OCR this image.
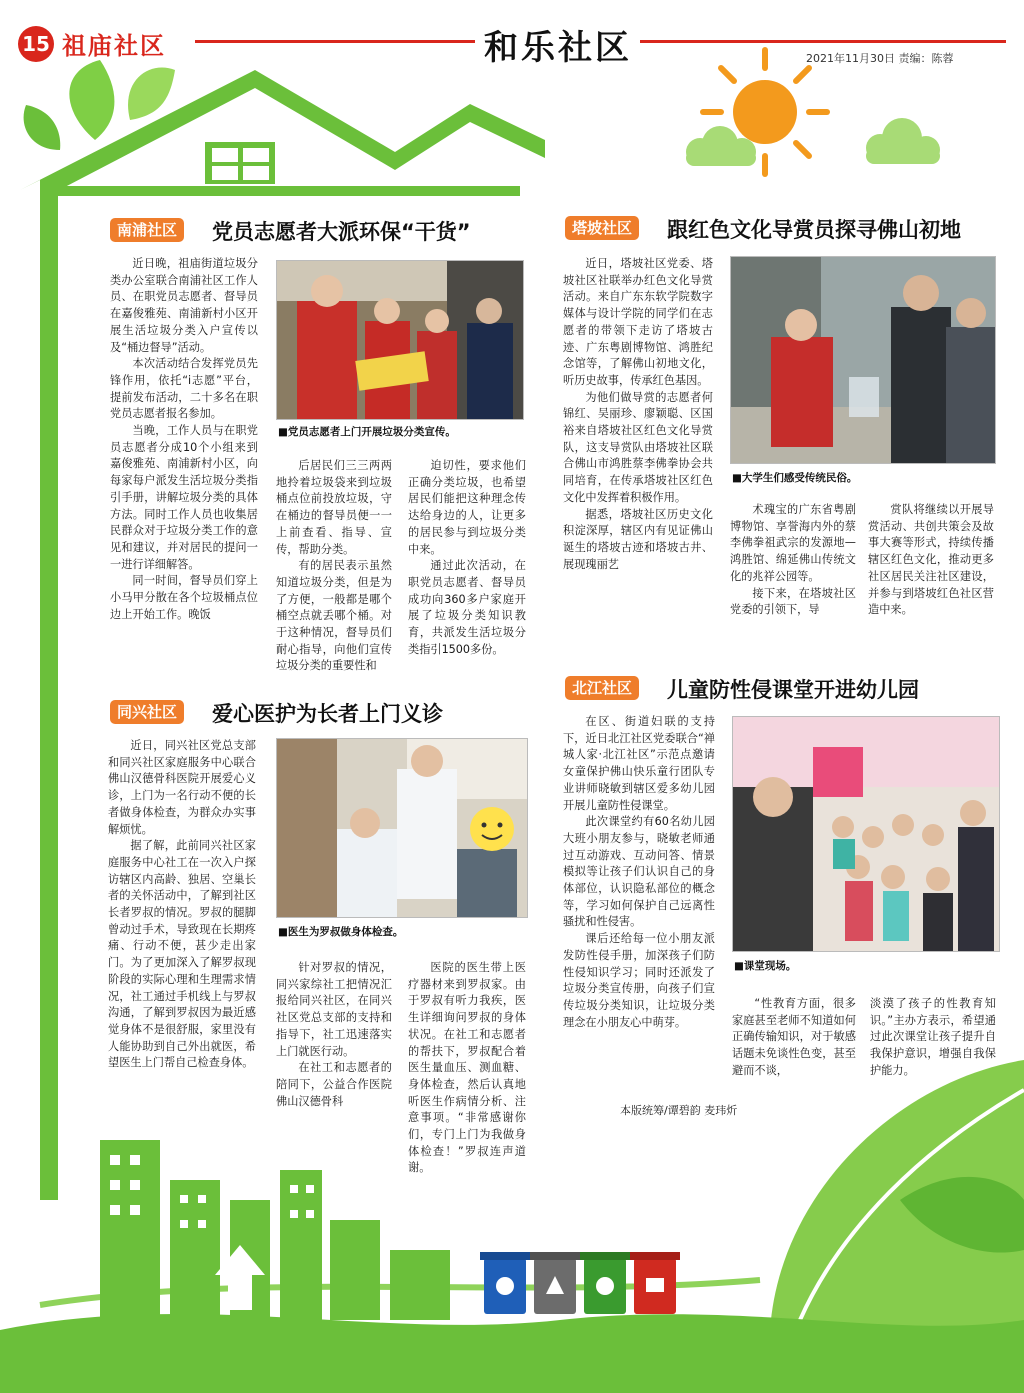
15 祖庙社区	和乐社区	2021年11月30日 责编：陈蓉
南浦社区	党员志愿者大派环保“干货”

近日晚，祖庙街道垃圾分类办公室联合南浦社区工作人员、在职党员志愿者、督导员在嘉俊雅苑、南浦新村小区开展生活垃圾分类入户宣传以及“桶边督导”活动。

本次活动结合发挥党员先锋作用，依托“i志愿”平台，提前发布活动，二十多名在职党员志愿者报名参加。

当晚，工作人员与在职党员志愿者分成10个小组来到嘉俊雅苑、南浦新村小区，向每家每户派发生活垃圾分类指引手册，讲解垃圾分类的具体方法。同时工作人员也收集居民群众对于垃圾分类工作的意见和建议，并对居民的提问一一进行详细解答。

同一时间，督导员们穿上小马甲分散在各个垃圾桶点位边上开始工作。晚饭

■党员志愿者上门开展垃圾分类宣传。

后居民们三三两两地拎着垃圾袋来到垃圾桶点位前投放垃圾，守在桶边的督导员便一一上前查看、指导、宣传，帮助分类。

有的居民表示虽然知道垃圾分类，但是为了方便，一般都是哪个桶空点就丢哪个桶。对于这种情况，督导员们耐心指导，向他们宣传垃圾分类的重要性和

迫切性，要求他们正确分类垃圾，也希望居民们能把这种理念传达给身边的人，让更多的居民参与到垃圾分类中来。

通过此次活动，在职党员志愿者、督导员成功向360多户家庭开展了垃圾分类知识教育，共派发生活垃圾分类指引1500多份。

塔坡社区	跟红色文化导赏员探寻佛山初地

近日，塔坡社区党委、塔坡社区社联举办红色文化导赏活动。来自广东东软学院数字媒体与设计学院的同学们在志愿者的带领下走访了塔坡古迹、广东粤剧博物馆、鸿胜纪念馆等，了解佛山初地文化，听历史故事，传承红色基因。

为他们做导赏的志愿者何锦红、吴丽珍、廖颖聪、区国裕来自塔坡社区红色文化导赏队，这支导赏队由塔坡社区联合佛山市鸿胜蔡李佛拳协会共同培育，在传承塔坡社区红色文化中发挥着积极作用。

据悉，塔坡社区历史文化积淀深厚，辖区内有见证佛山诞生的塔坡古迹和塔坡古井、展现瑰丽艺

■大学生们感受传统民俗。

术瑰宝的广东省粤剧博物馆、享誉海内外的蔡李佛拳祖武宗的发源地—鸿胜馆、绵延佛山传统文化的兆祥公园等。

接下来，在塔坡社区党委的引领下，导

赏队将继续以开展导赏活动、共创共策会及故事大赛等形式，持续传播辖区红色文化，推动更多社区居民关注社区建设，并参与到塔坡红色社区营造中来。

同兴社区	爱心医护为长者上门义诊

近日，同兴社区党总支部和同兴社区家庭服务中心联合佛山汉德骨科医院开展爱心义诊，上门为一名行动不便的长者做身体检查，为群众办实事解烦忧。

据了解，此前同兴社区家庭服务中心社工在一次入户探访辖区内高龄、独居、空巢长者的关怀活动中，了解到社区长者罗叔的情况。罗叔的腿脚曾动过手术，导致现在长期疼痛、行动不便，甚少走出家门。为了更加深入了解罗叔现阶段的实际心理和生理需求情况，社工通过手机线上与罗叔沟通，了解到罗叔因为最近感觉身体不是很舒服，家里没有人能协助到自己外出就医，希望医生上门帮自己检查身体。

■医生为罗叔做身体检查。

针对罗叔的情况，同兴家综社工把情况汇报给同兴社区，在同兴社区党总支部的支持和指导下，社工迅速落实上门就医行动。

在社工和志愿者的陪同下，公益合作医院佛山汉德骨科

医院的医生带上医疗器材来到罗叔家。由于罗叔有听力我疾，医生详细询问罗叔的身体状况。在社工和志愿者的帮扶下，罗叔配合着医生量血压、测血糖、身体检查，然后认真地听医生作病情分析、注意事项。“非常感谢你们，专门上门为我做身体检查！”罗叔连声道谢。

北江社区	儿童防性侵课堂开进幼儿园

在区、街道妇联的支持下，近日北江社区党委联合“禅城人家·北江社区”示范点邀请女童保护佛山快乐童行团队专业讲师晓敏到辖区爱多幼儿园开展儿童防性侵课堂。

此次课堂约有60名幼儿园大班小朋友参与，晓敏老师通过互动游戏、互动问答、情景模拟等让孩子们认识自己的身体部位，认识隐私部位的概念等，学习如何保护自己远离性骚扰和性侵害。

课后还给每一位小朋友派发防性侵手册，加深孩子们防性侵知识学习；同时还派发了垃圾分类宣传册，向孩子们宣传垃圾分类知识，让垃圾分类理念在小朋友心中萌芽。

■课堂现场。

“性教育方面，很多家庭甚至老师不知道如何正确传输知识，对于敏感话题未免谈性色变，甚至避而不谈，

淡漠了孩子的性教育知识。”主办方表示，希望通过此次课堂让孩子提升自我保护意识，增强自我保护能力。

本版统筹/谭碧韵 麦玮炘
